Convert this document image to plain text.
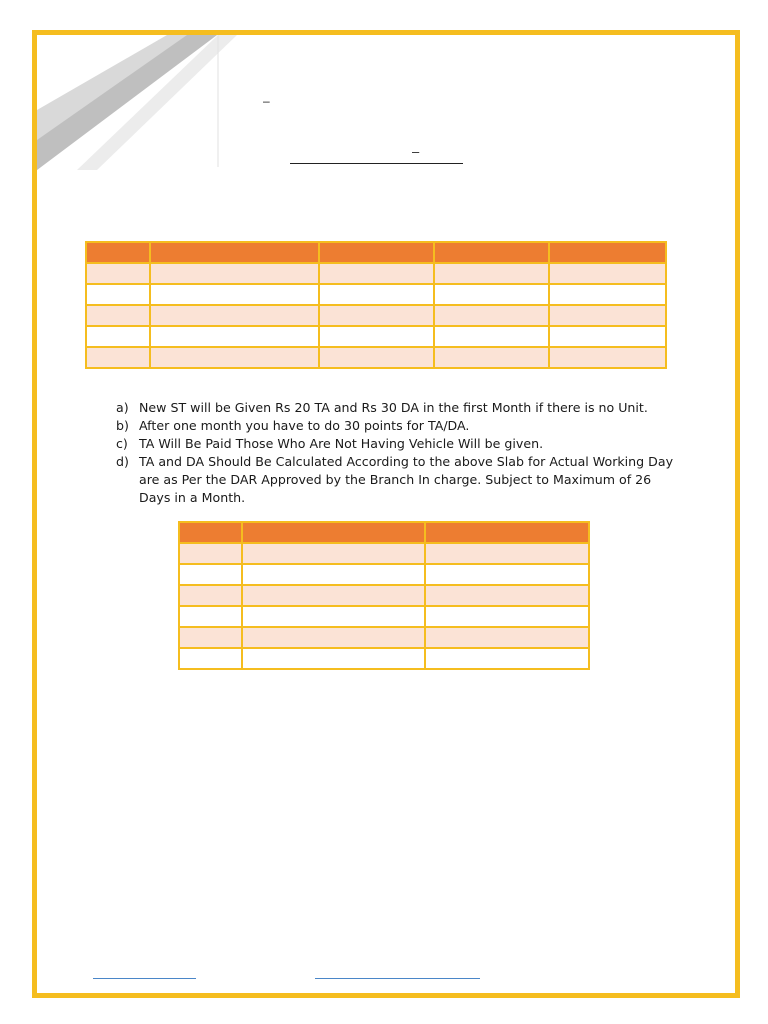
–
–

a) New ST will be Given Rs 20 TA and Rs 30 DA in the first Month if there is no Unit.
b) After one month you have to do 30 points for TA/DA.
c) TA Will Be Paid Those Who Are Not Having Vehicle Will be given.
d) TA and DA Should Be Calculated According to the above Slab for Actual Working Day are as Per the DAR Approved by the Branch In charge. Subject to Maximum of 26 Days in a Month.
